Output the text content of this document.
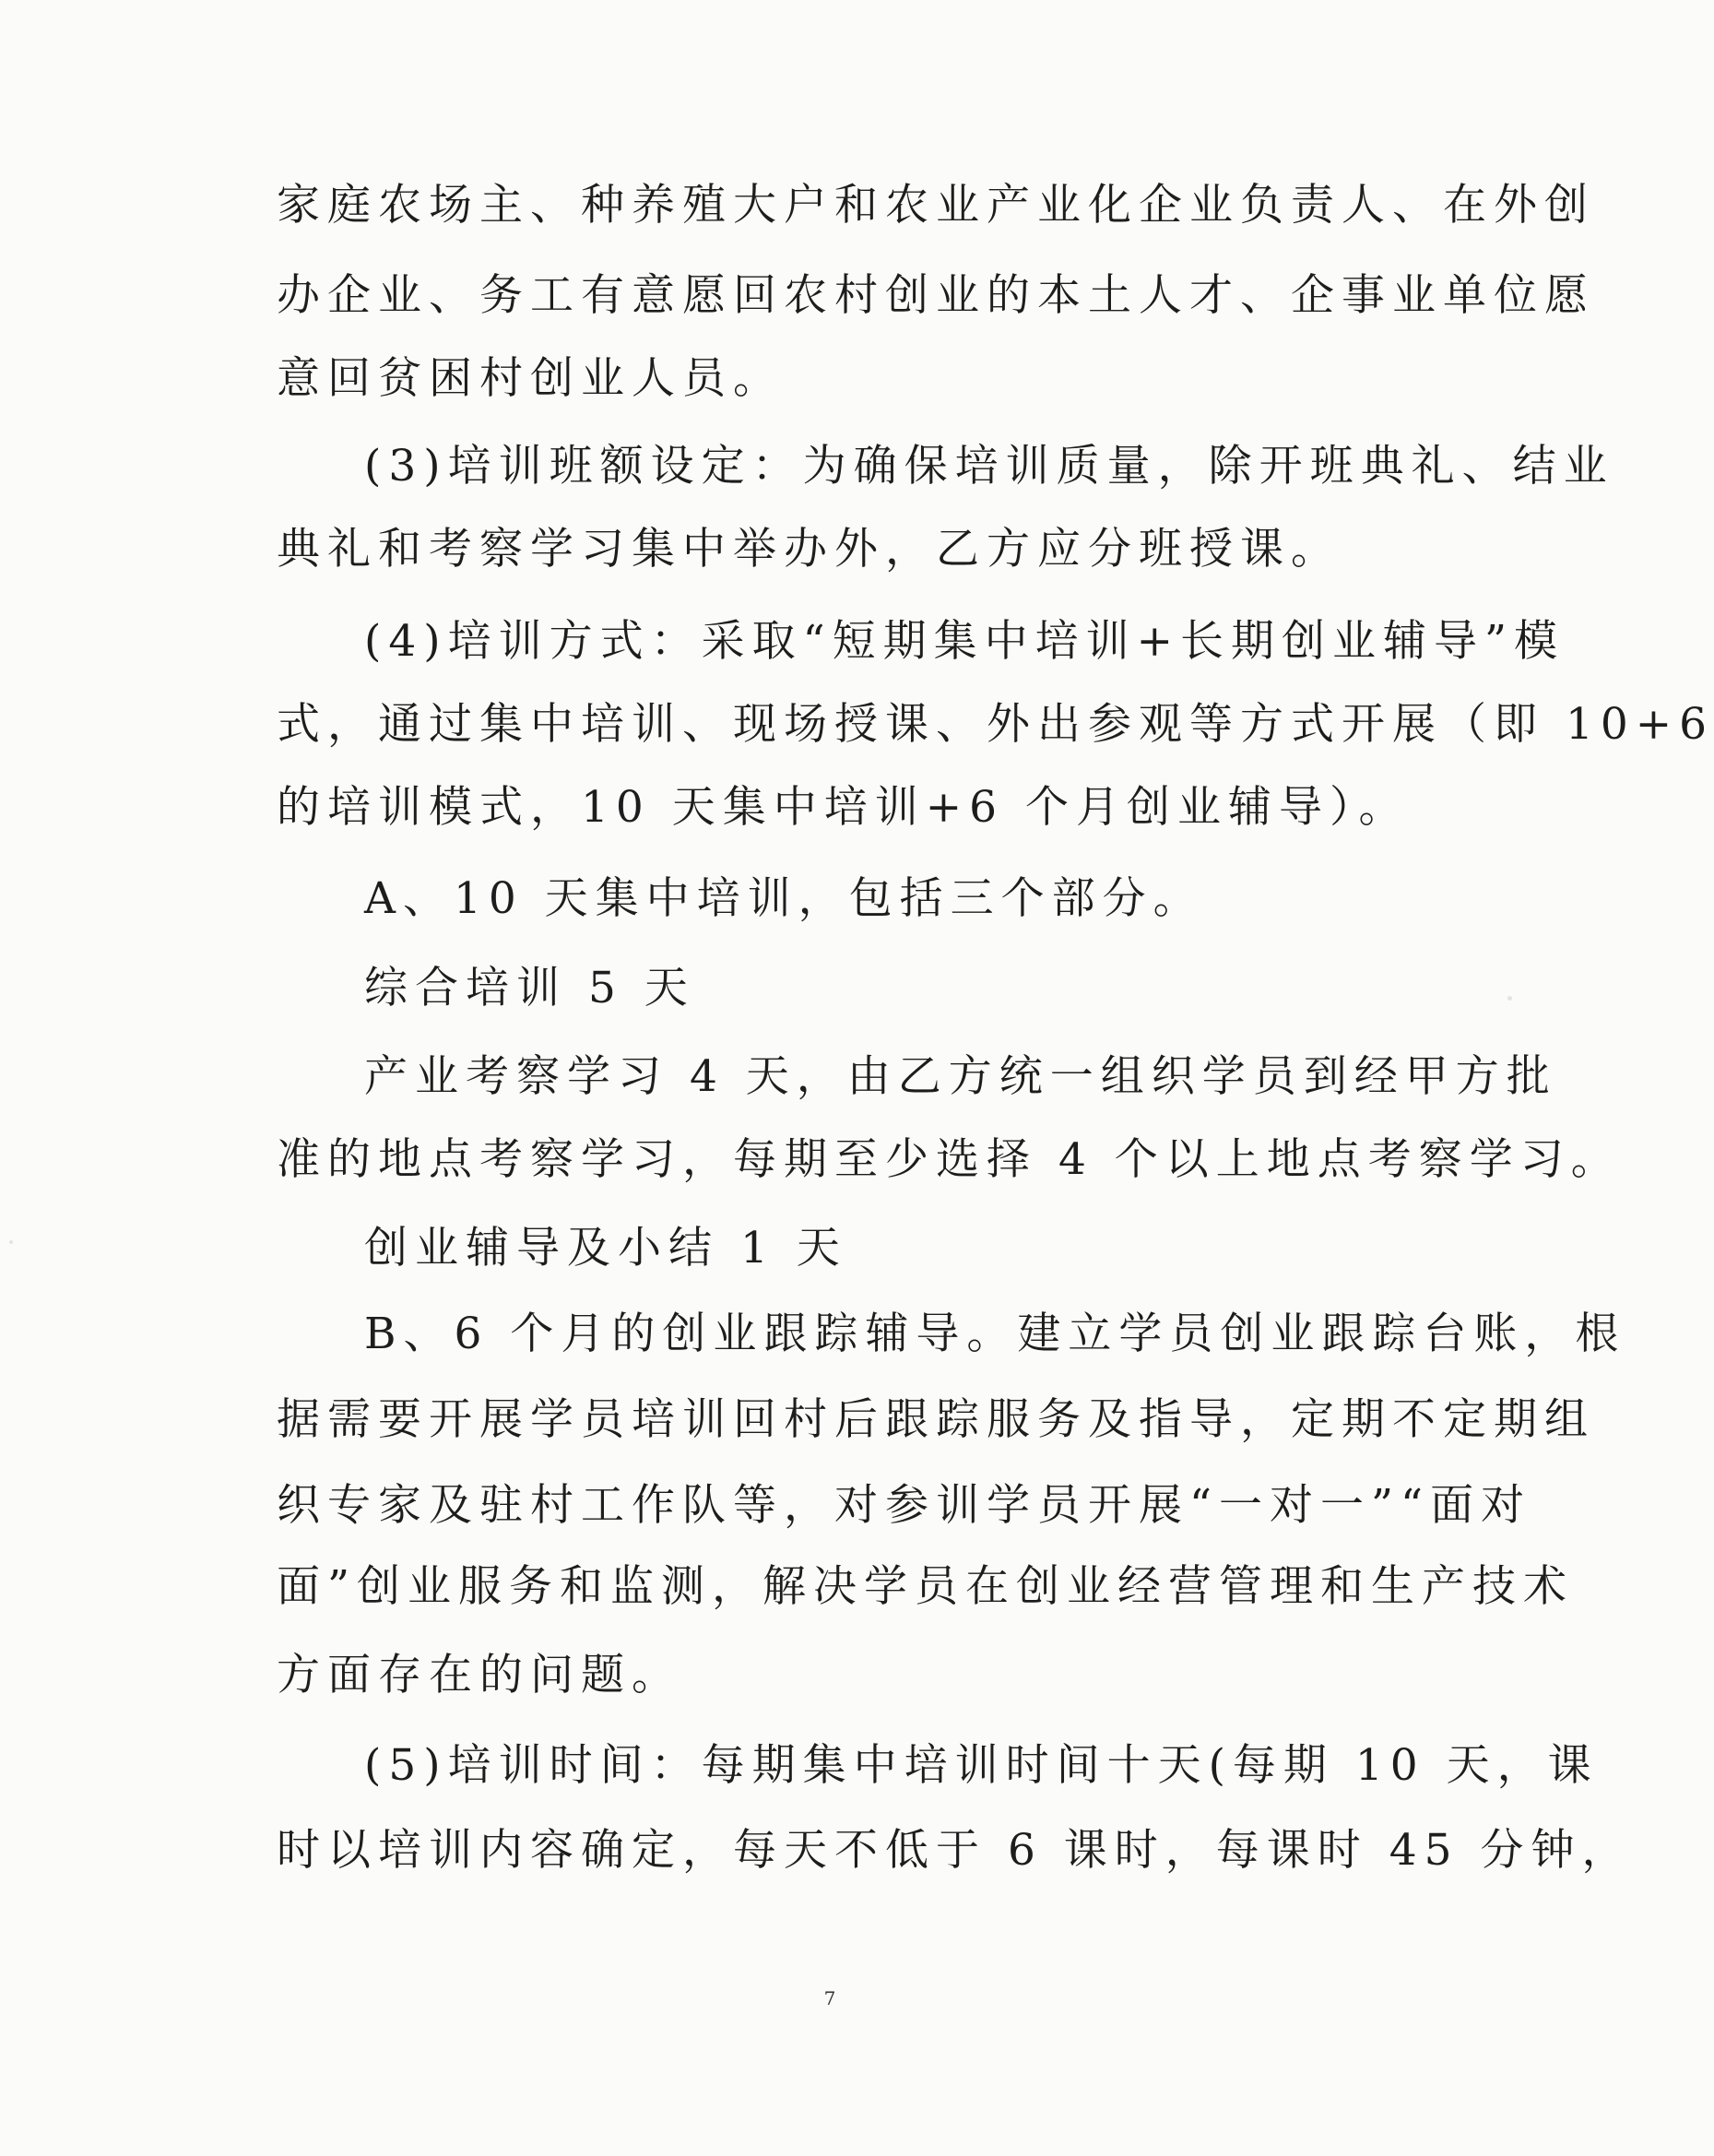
家庭农场主、种养殖大户和农业产业化企业负责人、在外创
办企业、务工有意愿回农村创业的本土人才、企事业单位愿
意回贫困村创业人员。
(3)培训班额设定：为确保培训质量，除开班典礼、结业
典礼和考察学习集中举办外，乙方应分班授课。
(4)培训方式：采取“短期集中培训+长期创业辅导”模
式，通过集中培训、现场授课、外出参观等方式开展（即 10+6
的培训模式，10 天集中培训+6 个月创业辅导）。
A、10 天集中培训，包括三个部分。
综合培训 5 天
产业考察学习 4 天，由乙方统一组织学员到经甲方批
准的地点考察学习，每期至少选择 4 个以上地点考察学习。
创业辅导及小结 1 天
B、6 个月的创业跟踪辅导。建立学员创业跟踪台账，根
据需要开展学员培训回村后跟踪服务及指导，定期不定期组
织专家及驻村工作队等，对参训学员开展“一对一”“面对
面”创业服务和监测，解决学员在创业经营管理和生产技术
方面存在的问题。
(5)培训时间：每期集中培训时间十天(每期 10 天，课
时以培训内容确定，每天不低于 6 课时，每课时 45 分钟，
7
